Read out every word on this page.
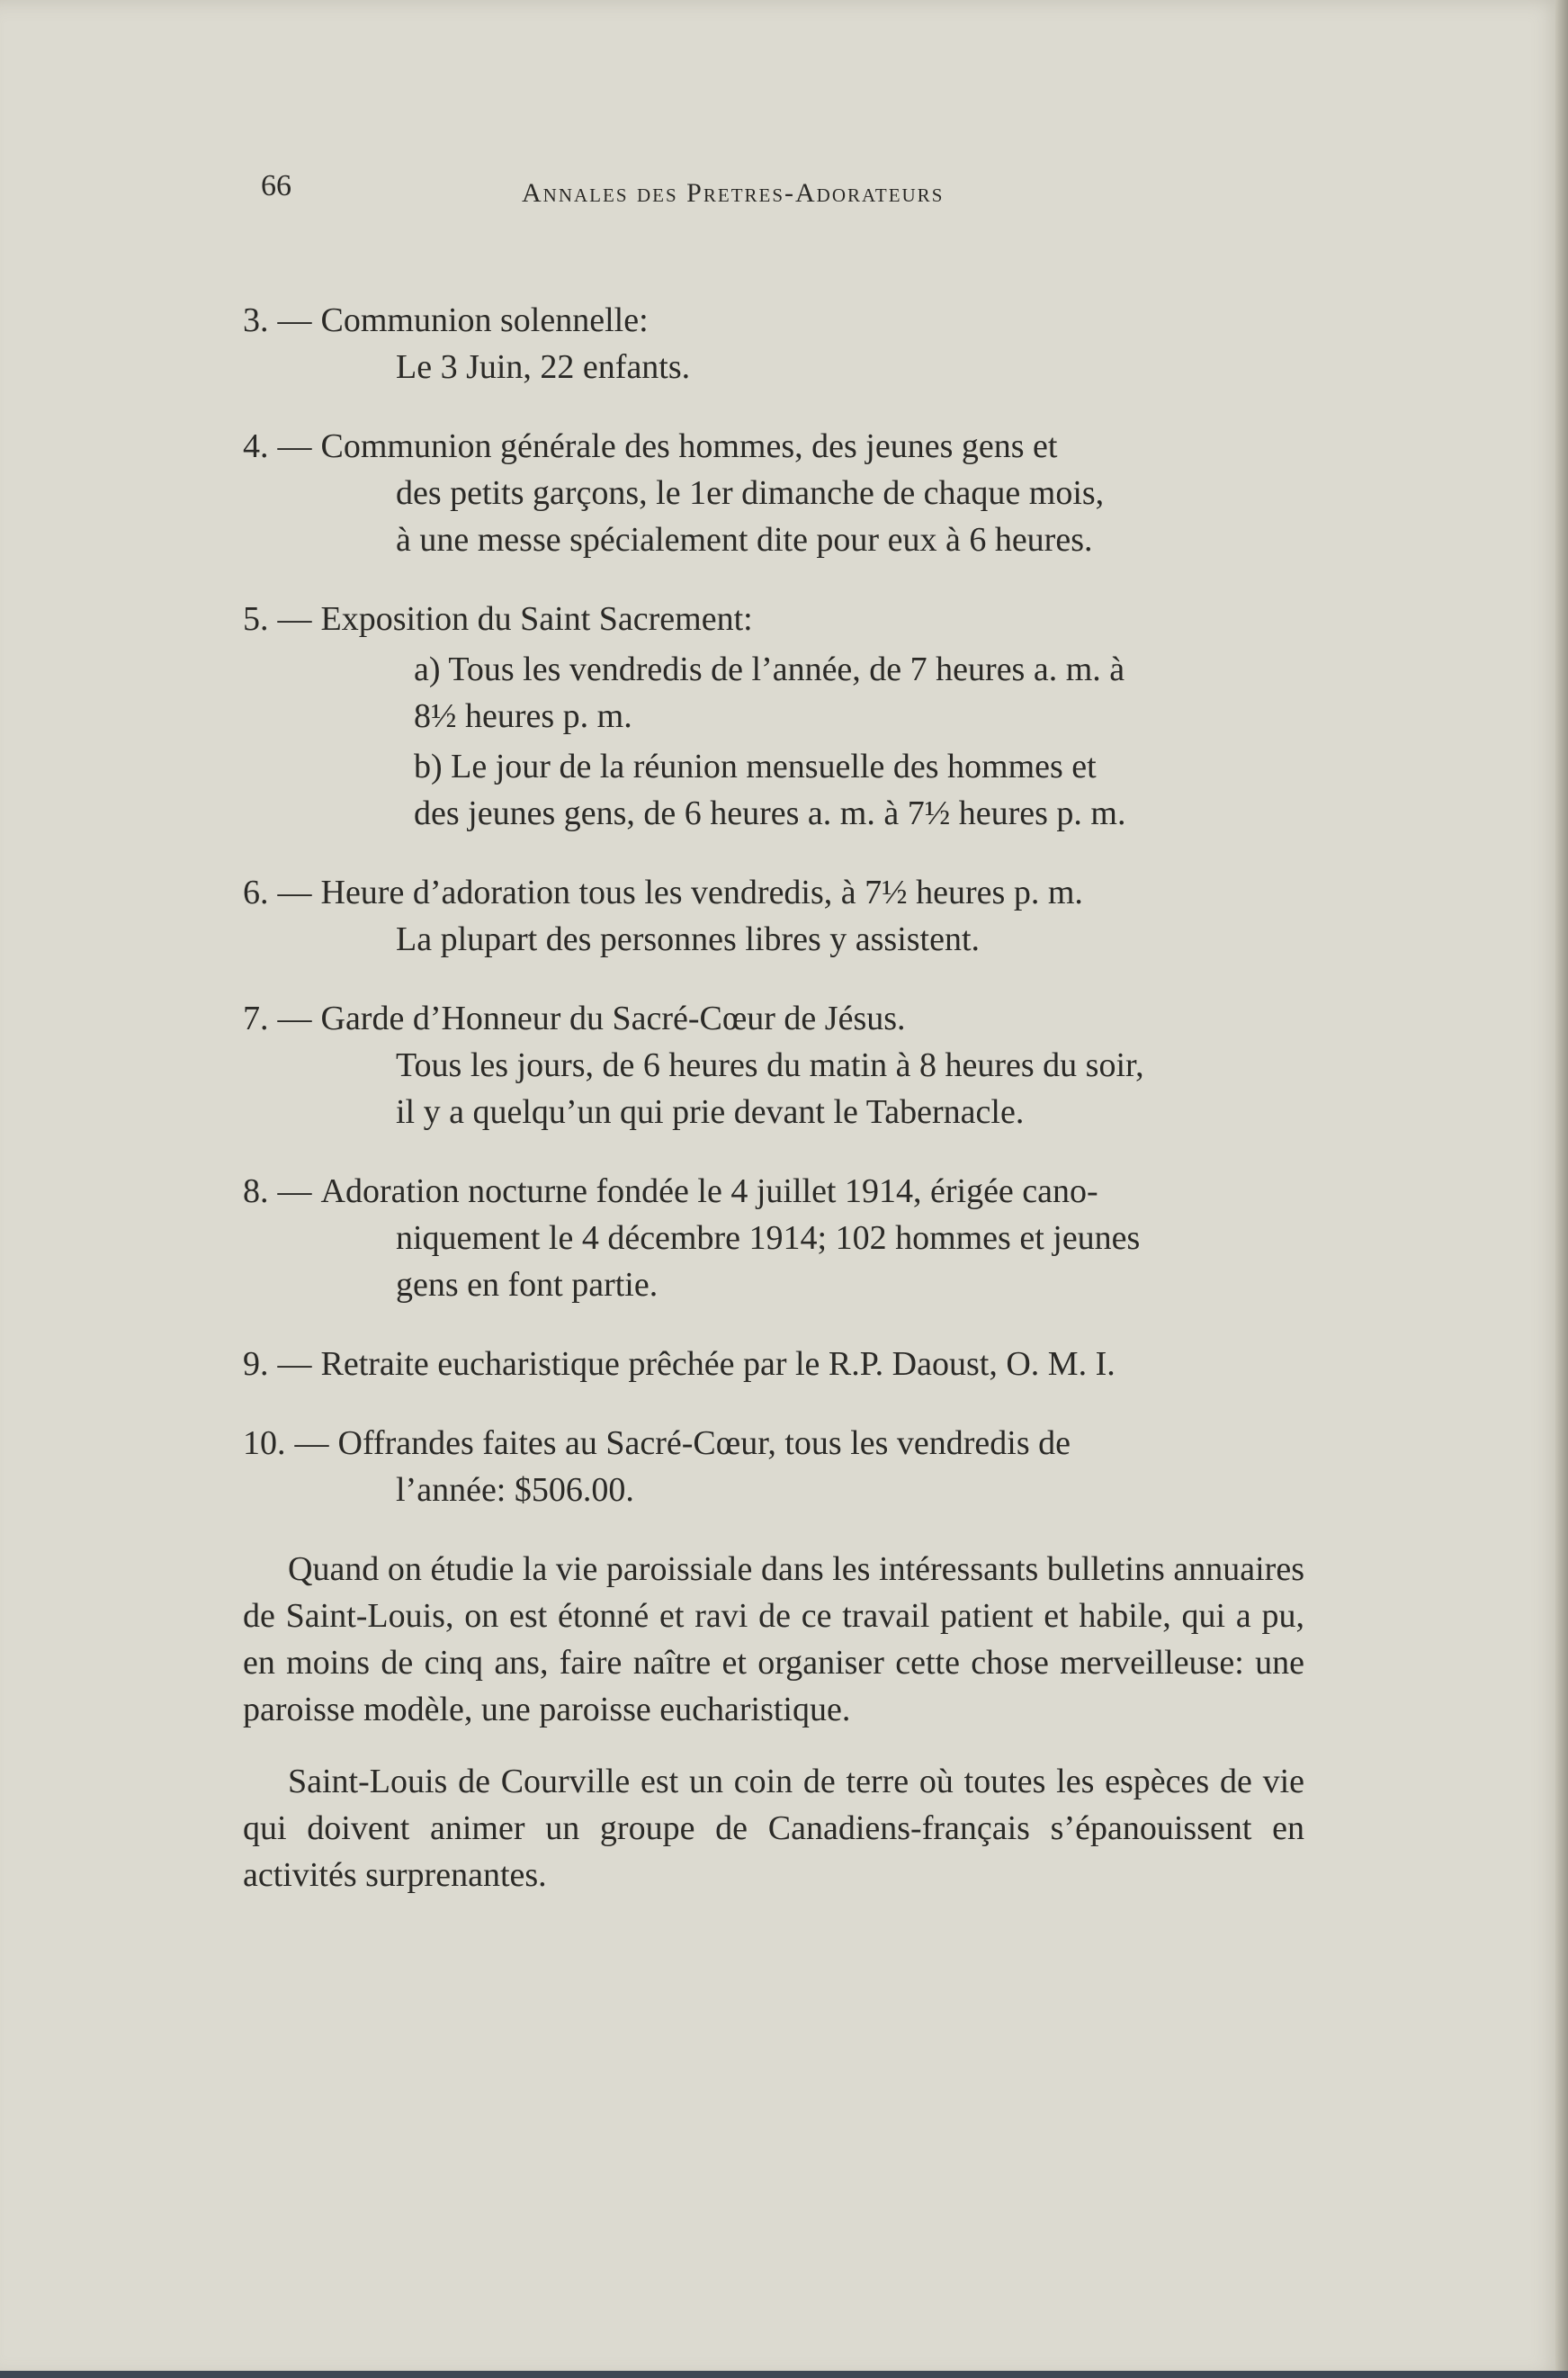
66	Annales des Pretres-Adorateurs
3. — Communion solennelle:
Le 3 Juin, 22 enfants.
4. — Communion générale des hommes, des jeunes gens et
des petits garçons, le 1er dimanche de chaque mois,
à une messe spécialement dite pour eux à 6 heures.
5. — Exposition du Saint Sacrement:
a) Tous les vendredis de l’année, de 7 heures a. m. à
8½ heures p. m.
b) Le jour de la réunion mensuelle des hommes et
des jeunes gens, de 6 heures a. m. à 7½ heures p. m.
6. — Heure d’adoration tous les vendredis, à 7½ heures p. m.
La plupart des personnes libres y assistent.
7. — Garde d’Honneur du Sacré-Cœur de Jésus.
Tous les jours, de 6 heures du matin à 8 heures du soir,
il y a quelqu’un qui prie devant le Tabernacle.
8. — Adoration nocturne fondée le 4 juillet 1914, érigée cano-
niquement le 4 décembre 1914; 102 hommes et jeunes
gens en font partie.
9. — Retraite eucharistique prêchée par le R.P. Daoust, O. M. I.
10. — Offrandes faites au Sacré-Cœur, tous les vendredis de
l’année: $506.00.

Quand on étudie la vie paroissiale dans les intéressants bulletins annuaires de Saint-Louis, on est étonné et ravi de ce travail patient et habile, qui a pu, en moins de cinq ans, faire naître et organiser cette chose merveilleuse: une paroisse modèle, une paroisse eucharistique.

Saint-Louis de Courville est un coin de terre où toutes les espèces de vie qui doivent animer un groupe de Canadiens-français s’épanouissent en activités surprenantes.
